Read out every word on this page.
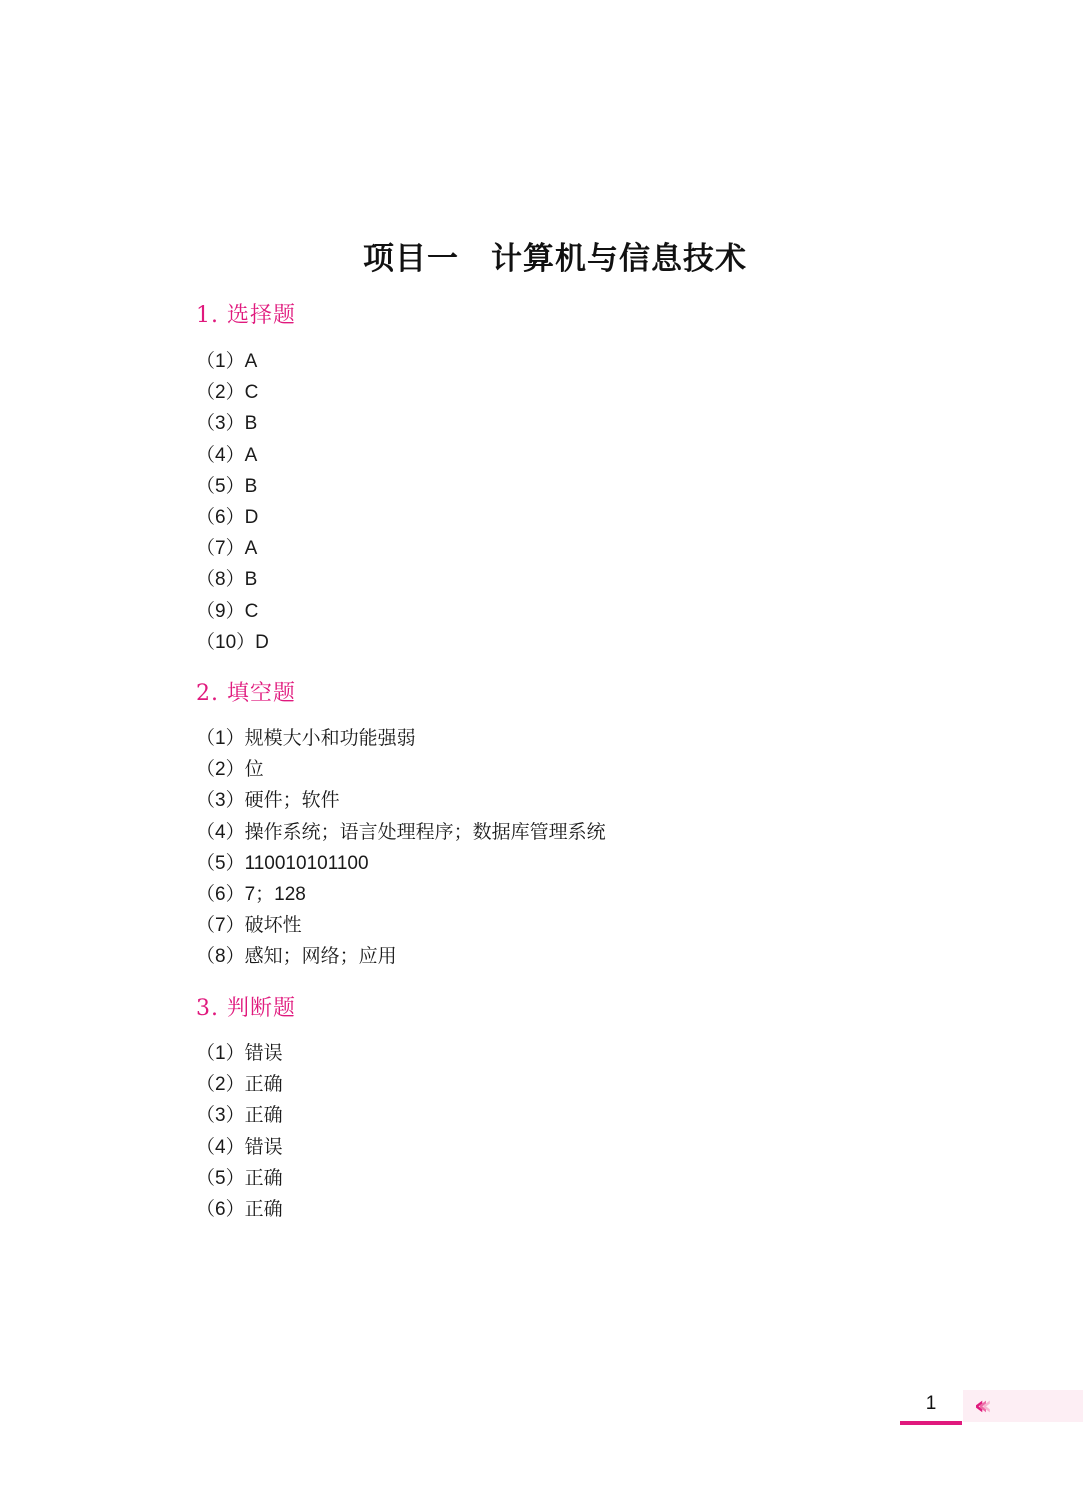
项目一　计算机与信息技术
1. 选择题
（1）A
（2）C
（3）B
（4）A
（5）B
（6）D
（7）A
（8）B
（9）C
（10）D
2. 填空题
（1）规模大小和功能强弱
（2）位
（3）硬件；软件
（4）操作系统；语言处理程序；数据库管理系统
（5）110010101100
（6）7；128
（7）破坏性
（8）感知；网络；应用
3. 判断题
（1）错误
（2）正确
（3）正确
（4）错误
（5）正确
（6）正确
‹‹‹
1
